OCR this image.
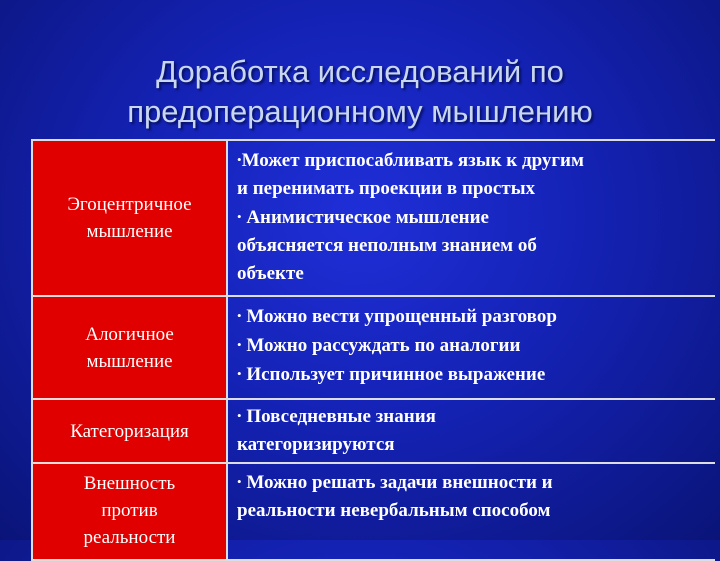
Доработка исследований по
предоперационному мышлению
Эгоцентричное
мышление

•Может приспосабливать язык к другим

и перенимать проекции в простых

• Анимистическое мышление

объясняется неполным знанием об

объекте

Алогичное
мышление

• Можно вести упрощенный разговор

• Можно рассуждать по аналогии

• Использует причинное выражение

Категоризация

• Повседневные знания

категоризируются

Внешность
против
реальности

• Можно решать задачи внешности и

реальности невербальным способом
